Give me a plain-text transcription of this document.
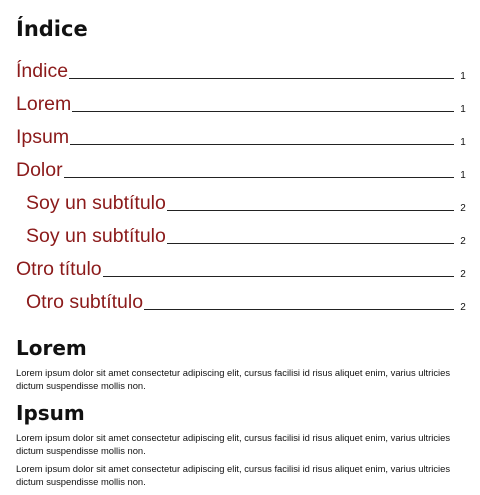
Índice
Índice	1
Lorem	1
Ipsum	1
Dolor	1
Soy un subtítulo	2
Soy un subtítulo	2
Otro título	2
Otro subtítulo	2
Lorem

Lorem ipsum dolor sit amet consectetur adipiscing elit, cursus facilisi id risus aliquet enim, varius ultricies dictum suspendisse mollis non.

Ipsum

Lorem ipsum dolor sit amet consectetur adipiscing elit, cursus facilisi id risus aliquet enim, varius ultricies dictum suspendisse mollis non.

Lorem ipsum dolor sit amet consectetur adipiscing elit, cursus facilisi id risus aliquet enim, varius ultricies dictum suspendisse mollis non.
